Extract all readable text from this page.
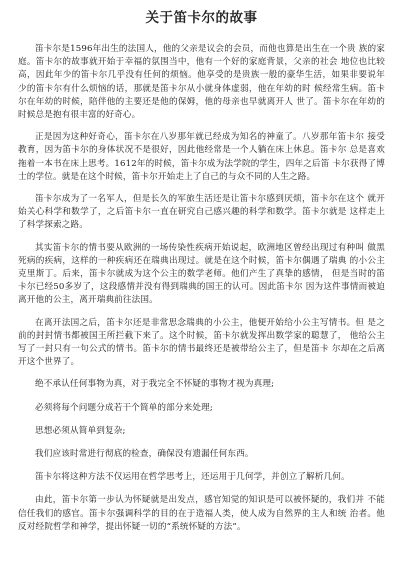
关于笛卡尔的故事

笛卡尔是1596年出生的法国人，他的父亲是议会的会员，而他也算是出生在一个贵 族的家庭。笛卡尔的故事就开始于幸福的氛围当中，他有一个好的家庭背景，父亲的社会 地位也比较高，因此年少的笛卡尔几乎没有任何的烦恼。他享受的是贵族一般的豪华生活，如果非要说年少的笛卡尔有什么烦恼的话，那就是笛卡尔从小就身体虚弱，他在年幼的时 候经常生病。笛卡尔在年幼的时候，陪伴他的主要还是他的保姆，他的母亲也早就离开人 世了。笛卡尔在年幼的时候总是抱有很丰富的好奇心。

正是因为这种好奇心，笛卡尔在八岁那年就已经成为知名的神童了。八岁那年笛卡尔 接受教育，因为笛卡尔的身体状况不是很好，因此他经常是一个人躺在床上休息。笛卡尔 总是喜欢拖着一本书在床上思考。1612年的时候，笛卡尔成为法学院的学生，四年之后笛 卡尔获得了博士的学位。就是在这个时候，笛卡尔开始走上了自己的与众不同的人生之路。

笛卡尔成为了一名军人，但是长久的军旅生活还是让笛卡尔感到厌烦，笛卡尔在这个 就开始关心科学和数学了，之后笛卡尔一直在研究自己感兴趣的科学和数学。笛卡尔就是 这样走上了科学探索之路。

其实笛卡尔的情书要从欧洲的一场传染性疾病开始说起，欧洲地区曾经出现过有种叫 做黑死病的疾病，这样的一种疾病还在瑞典出现过。就是在这个时候，笛卡尔偶遇了瑞典 的小公主克里斯丁。后来，笛卡尔就成为这个公主的数学老师。他们产生了真挚的感情， 但是当时的笛卡尔已经50多岁了，这段感情并没有得到瑞典的国王的认可。因此笛卡尔 因为这件事情而被迫离开他的公主，离开瑞典前往法国。

在离开法国之后，笛卡尔还是非常思念瑞典的小公主，他便开始给小公主写情书。但 是之前的封封情书都被国王所拦截下来了。这个时候，笛卡尔就发挥出数学家的聪慧了， 他给公主写了一封只有一句公式的情书。笛卡尔的情书最终还是被带给公主了，但是笛卡 尔却在之后离开这个世界了。

绝不承认任何事物为真，对于我完全不怀疑的事物才视为真理;

必须将每个问题分成若干个简单的部分来处理;

思想必须从简单到复杂;

我们应该时常进行彻底的检查，确保没有遗漏任何东西。

笛卡尔将这种方法不仅运用在哲学思考上，还运用于几何学，并创立了解析几何。

由此，笛卡尔第一步认为怀疑就是出发点，感官知觉的知识是可以被怀疑的，我们并 不能信任我们的感官。笛卡尔强调科学的目的在于造福人类，使人成为自然界的主人和统 治者。他反对经院哲学和神学，提出怀疑一切的“系统怀疑的方法”。
